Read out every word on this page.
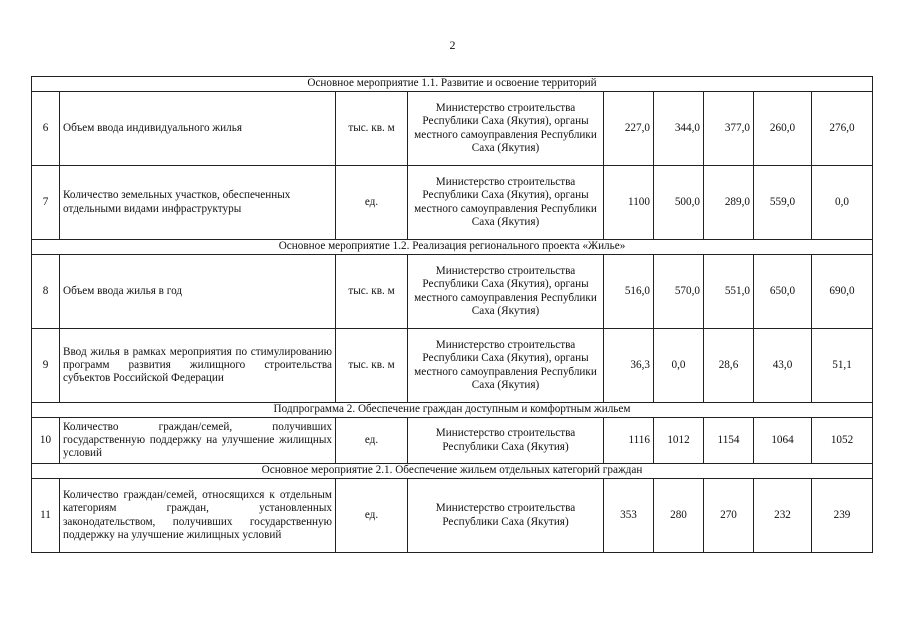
2
Основное мероприятие 1.1. Развитие и освоение территорий								
6	Объем ввода индивидуального жилья	тыс. кв. м	Министерство строительства Республики Саха (Якутия), органы местного самоуправления Республики Саха (Якутия)	227,0	344,0	377,0	260,0	276,0
7	Количество земельных участков, обеспеченных отдельными видами инфраструктуры	ед.	Министерство строительства Республики Саха (Якутия), органы местного самоуправления Республики Саха (Якутия)	1100	500,0	289,0	559,0	0,0
Основное мероприятие 1.2. Реализация регионального проекта «Жилье»								
8	Объем ввода жилья в год	тыс. кв. м	Министерство строительства Республики Саха (Якутия), органы местного самоуправления Республики Саха (Якутия)	516,0	570,0	551,0	650,0	690,0
9	Ввод жилья в рамках мероприятия по стимулированию программ развития жилищного строительства субъектов Российской Федерации	тыс. кв. м	Министерство строительства Республики Саха (Якутия), органы местного самоуправления Республики Саха (Якутия)	36,3	0,0	28,6	43,0	51,1
Подпрограмма 2. Обеспечение граждан доступным и комфортным жильем								
10	Количество граждан/семей, получивших государственную поддержку на улучшение жилищных условий	ед.	Министерство строительства Республики Саха (Якутия)	1116	1012	1154	1064	1052
Основное мероприятие 2.1. Обеспечение жильем отдельных категорий граждан								
11	Количество граждан/семей, относящихся к отдельным категориям граждан, установленных законодательством, получивших государственную поддержку на улучшение жилищных условий	ед.	Министерство строительства Республики Саха (Якутия)	353	280	270	232	239
